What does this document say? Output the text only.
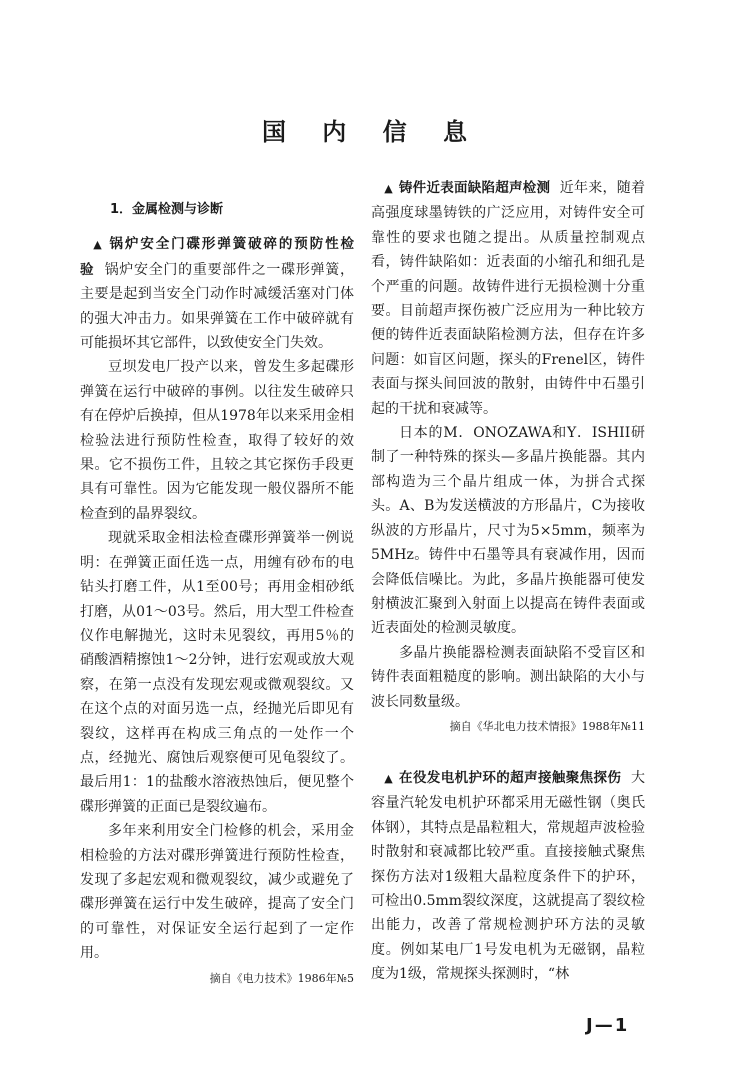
国 内 信 息

1．金属检测与诊断

▲ 锅炉安全门碟形弹簧破碎的预防性检验 锅炉安全门的重要部件之一碟形弹簧，主要是起到当安全门动作时减缓活塞对门体的强大冲击力。如果弹簧在工作中破碎就有可能损坏其它部件，以致使安全门失效。

豆坝发电厂投产以来，曾发生多起碟形弹簧在运行中破碎的事例。以往发生破碎只有在停炉后换掉，但从1978年以来采用金相检验法进行预防性检查，取得了较好的效果。它不损伤工件，且较之其它探伤手段更具有可靠性。因为它能发现一般仪器所不能检查到的晶界裂纹。

现就采取金相法检查碟形弹簧举一例说明：在弹簧正面任选一点，用缠有砂布的电钻头打磨工件，从1至00号；再用金相砂纸打磨，从01～03号。然后，用大型工件检查仪作电解抛光，这时未见裂纹，再用5％的硝酸酒精擦蚀1～2分钟，进行宏观或放大观察，在第一点没有发现宏观或微观裂纹。又在这个点的对面另选一点，经抛光后即见有裂纹，这样再在构成三角点的一处作一个点，经抛光、腐蚀后观察便可见龟裂纹了。最后用1：1的盐酸水溶液热蚀后，便见整个碟形弹簧的正面已是裂纹遍布。

多年来利用安全门检修的机会，采用金相检验的方法对碟形弹簧进行预防性检查，发现了多起宏观和微观裂纹，减少或避免了碟形弹簧在运行中发生破碎，提高了安全门的可靠性，对保证安全运行起到了一定作用。

摘自《电力技术》1986年№5

▲ 铸件近表面缺陷超声检测 近年来，随着高强度球墨铸铁的广泛应用，对铸件安全可靠性的要求也随之提出。从质量控制观点看，铸件缺陷如：近表面的小缩孔和细孔是个严重的问题。故铸件进行无损检测十分重要。目前超声探伤被广泛应用为一种比较方便的铸件近表面缺陷检测方法，但存在许多问题：如盲区问题，探头的Frenel区，铸件表面与探头间回波的散射，由铸件中石墨引起的干扰和衰减等。

日本的M．ONOZAWA和Y．ISHII研制了一种特殊的探头—多晶片换能器。其内部构造为三个晶片组成一体，为拼合式探头。A、B为发送横波的方形晶片，C为接收纵波的方形晶片，尺寸为5×5mm，频率为5MHz。铸件中石墨等具有衰减作用，因而会降低信噪比。为此，多晶片换能器可使发射横波汇聚到入射面上以提高在铸件表面或近表面处的检测灵敏度。

多晶片换能器检测表面缺陷不受盲区和铸件表面粗糙度的影响。测出缺陷的大小与波长同数量级。

摘自《华北电力技术情报》1988年№11

▲ 在役发电机护环的超声接触聚焦探伤 大容量汽轮发电机护环都采用无磁性钢（奥氏体钢），其特点是晶粒粗大，常规超声波检验时散射和衰减都比较严重。直接接触式聚焦探伤方法对1级粗大晶粒度条件下的护环，可检出0.5mm裂纹深度，这就提高了裂纹检出能力，改善了常规检测护环方法的灵敏度。例如某电厂1号发电机为无磁钢，晶粒度为1级，常规探头探测时，“林

J—1
